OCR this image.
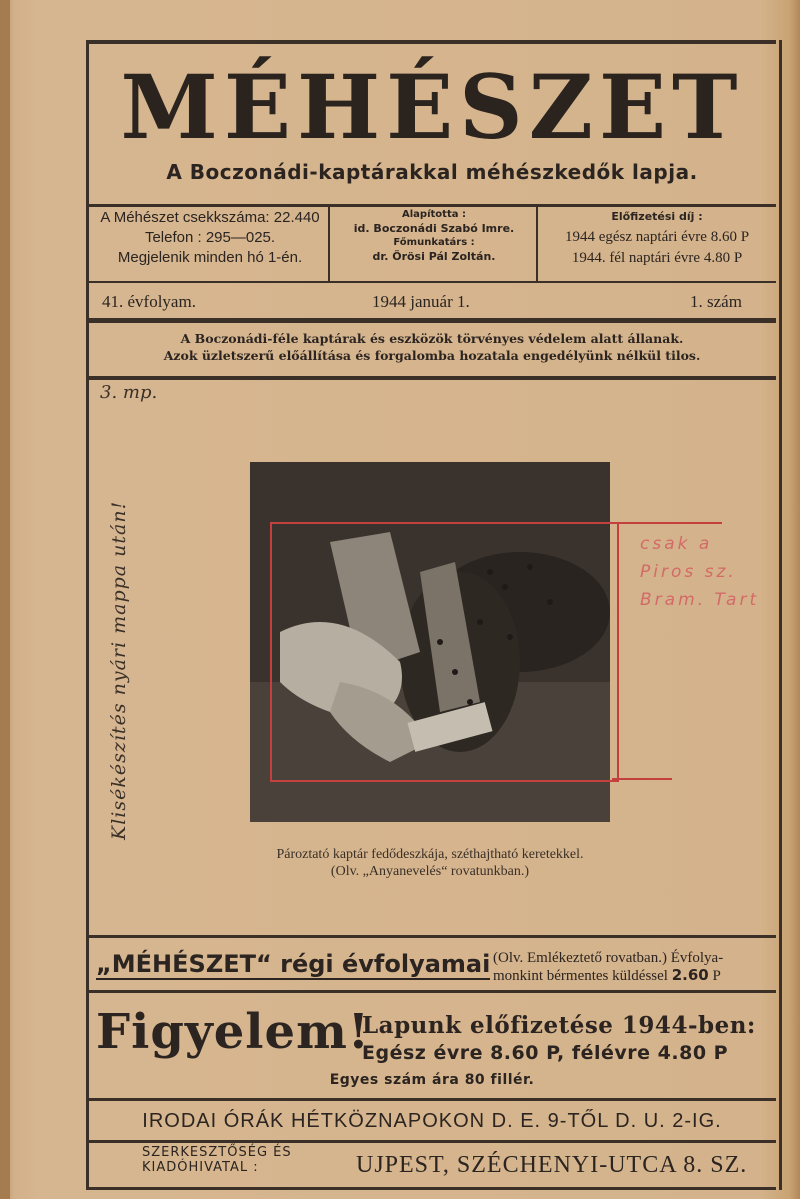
MÉHÉSZET
A Boczonádi-kaptárakkal méhészkedők lapja.
A Méhészet csekkszáma: 22.440
Telefon : 295—025.
Megjelenik minden hó 1-én.
Alapította :
id. Boczonádi Szabó Imre.
Főmunkatárs :
dr. Örösi Pál Zoltán.
Előfizetési díj :
1944 egész naptári évre 8.60 P
1944. fél naptári évre 4.80 P
41. évfolyam.	1944 január 1.	1. szám
A Boczonádi-féle kaptárak és eszközök törvényes védelem alatt állanak.
Azok üzletszerű előállítása és forgalomba hozatala engedélyünk nélkül tilos.
3. mp.
Klisékészítés nyári mappa után!	csak a
Piros sz.
Bram. Tart
Pároztató kaptár fedődeszkája, széthajtható keretekkel.
(Olv. „Anyanevelés“ rovatunkban.)
„MÉHÉSZET“ régi évfolyamai (Olv. Emlékeztető rovatban.) Évfolya-
monkint bérmentes küldéssel 2.60 P
Figyelem!
Lapunk előfizetése 1944-ben:
Egész évre 8.60 P, félévre 4.80 P
Egyes szám ára 80 fillér.
IRODAI ÓRÁK HÉTKÖZNAPOKON D. E. 9-TŐL D. U. 2-IG.
SZERKESZTŐSÉG ÉS
KIADÓHIVATAL :	UJPEST, SZÉCHENYI-UTCA 8. SZ.
